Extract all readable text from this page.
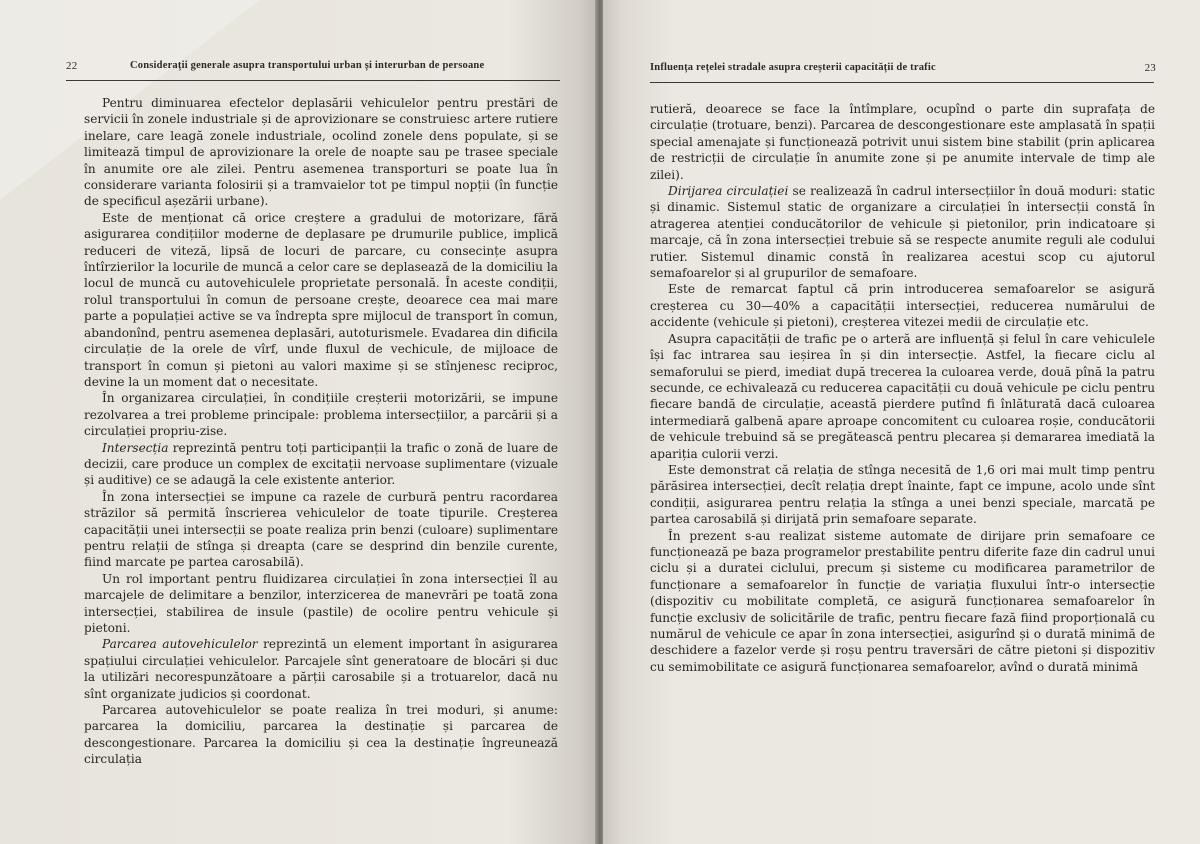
22	Considerații generale asupra transportului urban și interurban de persoane

Pentru diminuarea efectelor deplasării vehiculelor pentru prestări de servicii în zonele industriale și de aprovizionare se construiesc artere rutiere inelare, care leagă zonele industriale, ocolind zonele dens populate, și se limitează timpul de aprovizionare la orele de noapte sau pe trasee speciale în anumite ore ale zilei. Pentru asemenea transporturi se poate lua în considerare varianta folosirii și a tramvaielor tot pe timpul nopții (în funcție de specificul așezării urbane).

Este de menționat că orice creștere a gradului de motorizare, fără asigurarea condițiilor moderne de deplasare pe drumurile publice, implică reduceri de viteză, lipsă de locuri de parcare, cu consecințe asupra întîrzierilor la locurile de muncă a celor care se deplasează de la domiciliu la locul de muncă cu autovehiculele proprietate personală. În aceste condiții, rolul transportului în comun de persoane crește, deoarece cea mai mare parte a populației active se va îndrepta spre mijlocul de transport în comun, abandonînd, pentru asemenea deplasări, autoturismele. Evadarea din dificila circulație de la orele de vîrf, unde fluxul de vechicule, de mijloace de transport în comun și pietoni au valori maxime și se stînjenesc reciproc, devine la un moment dat o necesitate.

În organizarea circulației, în condițiile creșterii motorizării, se impune rezolvarea a trei probleme principale: problema intersecțiilor, a parcării și a circulației propriu-zise.

Intersecția reprezintă pentru toți participanții la trafic o zonă de luare de decizii, care produce un complex de excitații nervoase suplimentare (vizuale și auditive) ce se adaugă la cele existente anterior.

În zona intersecției se impune ca razele de curbură pentru racordarea străzilor să permită înscrierea vehiculelor de toate tipurile. Creșterea capacității unei intersecții se poate realiza prin benzi (culoare) suplimentare pentru relații de stînga și dreapta (care se desprind din benzile curente, fiind marcate pe partea carosabilă).

Un rol important pentru fluidizarea circulației în zona intersecției îl au marcajele de delimitare a benzilor, interzicerea de manevrări pe toată zona intersecției, stabilirea de insule (pastile) de ocolire pentru vehicule și pietoni.

Parcarea autovehiculelor reprezintă un element important în asigurarea spațiului circulației vehiculelor. Parcajele sînt generatoare de blocări și duc la utilizări necorespunzătoare a părții carosabile și a trotuarelor, dacă nu sînt organizate judicios și coordonat.

Parcarea autovehiculelor se poate realiza în trei moduri, și anume: parcarea la domiciliu, parcarea la destinație și parcarea de descongestionare. Parcarea la domiciliu și cea la destinație îngreunează circulația

Influența rețelei stradale asupra creșterii capacității de trafic	23

rutieră, deoarece se face la întîmplare, ocupînd o parte din suprafața de circulație (trotuare, benzi). Parcarea de descongestionare este amplasată în spații special amenajate și funcționează potrivit unui sistem bine stabilit (prin aplicarea de restricții de circulație în anumite zone și pe anumite intervale de timp ale zilei).

Dirijarea circulației se realizează în cadrul intersecțiilor în două moduri: static și dinamic. Sistemul static de organizare a circulației în intersecții constă în atragerea atenției conducătorilor de vehicule și pietonilor, prin indicatoare și marcaje, că în zona intersecției trebuie să se respecte anumite reguli ale codului rutier. Sistemul dinamic constă în realizarea acestui scop cu ajutorul semafoarelor și al grupurilor de semafoare.

Este de remarcat faptul că prin introducerea semafoarelor se asigură creșterea cu 30—40% a capacității intersecției, reducerea numărului de accidente (vehicule și pietoni), creșterea vitezei medii de circulație etc.

Asupra capacității de trafic pe o arteră are influență și felul în care vehiculele își fac intrarea sau ieșirea în și din intersecție. Astfel, la fiecare ciclu al semaforului se pierd, imediat după trecerea la culoarea verde, două pînă la patru secunde, ce echivalează cu reducerea capacității cu două vehicule pe ciclu pentru fiecare bandă de circulație, această pierdere putînd fi înlăturată dacă culoarea intermediară galbenă apare aproape concomitent cu culoarea roșie, conducătorii de vehicule trebuind să se pregătească pentru plecarea și demararea imediată la apariția culorii verzi.

Este demonstrat că relația de stînga necesită de 1,6 ori mai mult timp pentru părăsirea intersecției, decît relația drept înainte, fapt ce impune, acolo unde sînt condiții, asigurarea pentru relația la stînga a unei benzi speciale, marcată pe partea carosabilă și dirijată prin semafoare separate.

În prezent s-au realizat sisteme automate de dirijare prin semafoare ce funcționează pe baza programelor prestabilite pentru diferite faze din cadrul unui ciclu și a duratei ciclului, precum și sisteme cu modificarea parametrilor de funcționare a semafoarelor în funcție de variația fluxului într-o intersecție (dispozitiv cu mobilitate completă, ce asigură funcționarea semafoarelor în funcție exclusiv de solicitările de trafic, pentru fiecare fază fiind proporțională cu numărul de vehicule ce apar în zona intersecției, asigurînd și o durată minimă de deschidere a fazelor verde și roșu pentru traversări de către pietoni și dispozitiv cu semimobilitate ce asigură funcționarea semafoarelor, avînd o durată minimă
